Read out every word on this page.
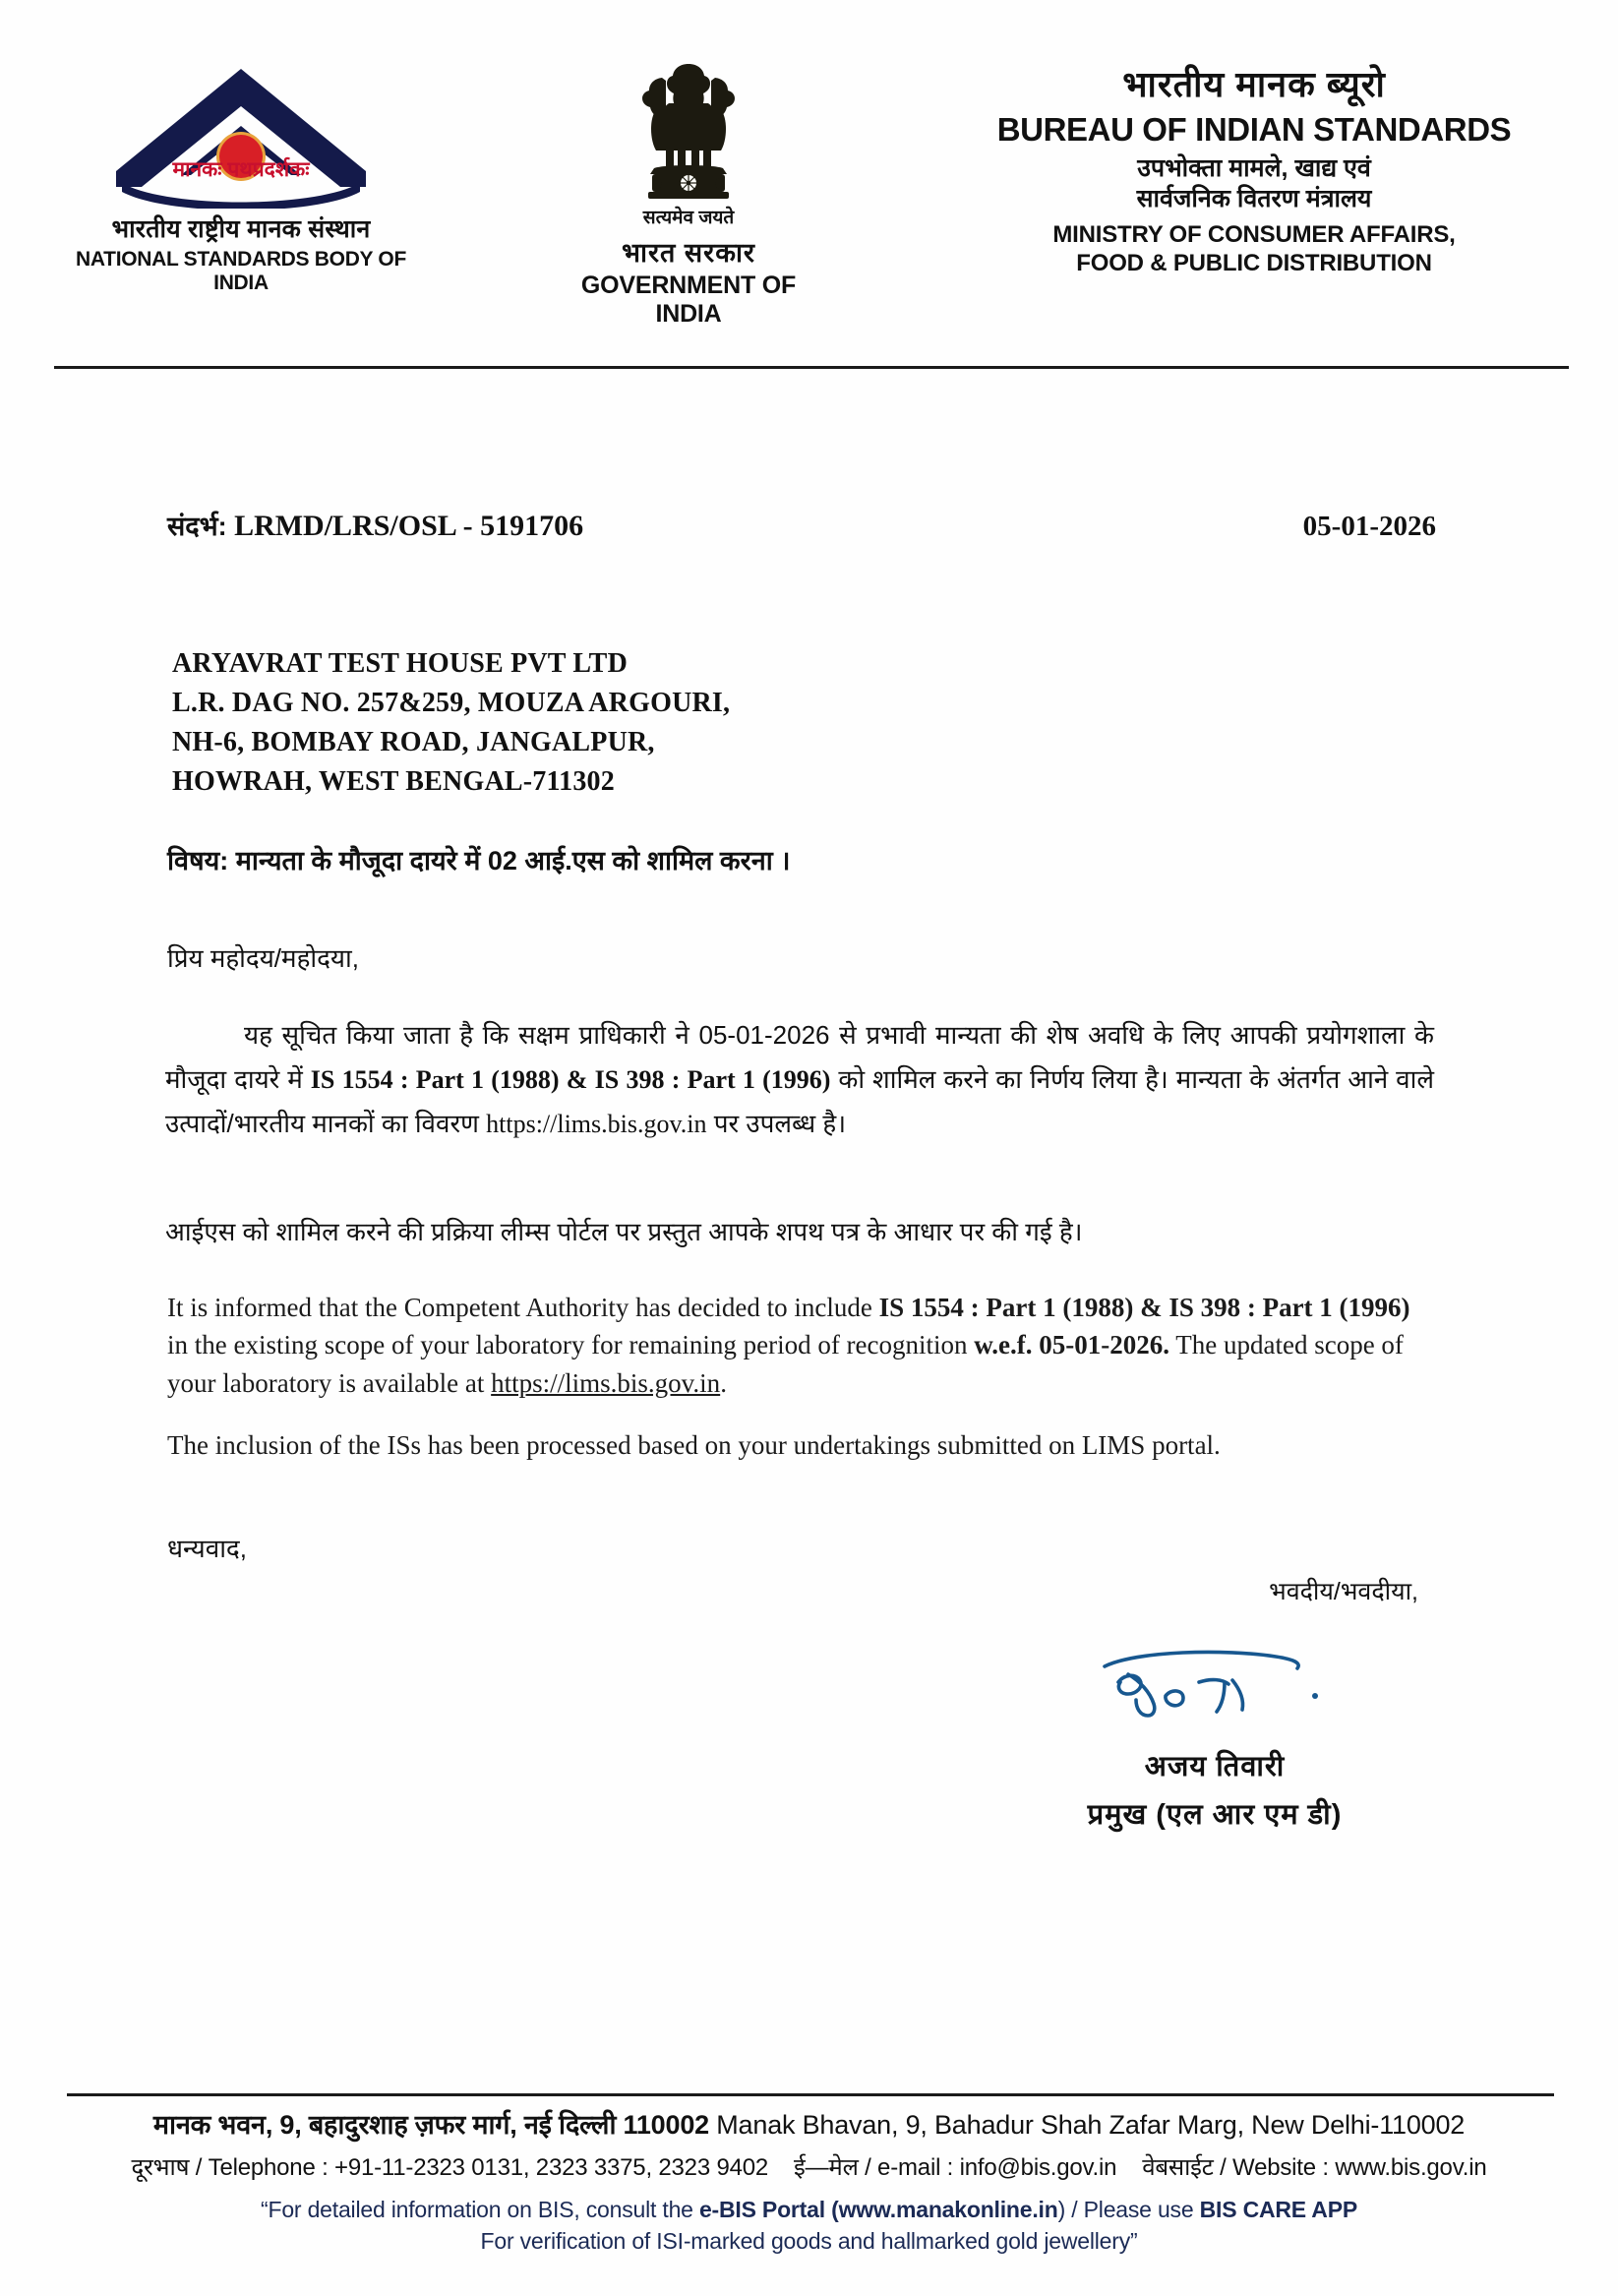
मानकः पथप्रदर्शकः
भारतीय राष्ट्रीय मानक संस्थान
NATIONAL STANDARDS BODY OF INDIA
सत्यमेव जयते
भारत सरकार
GOVERNMENT OF INDIA
भारतीय मानक ब्यूरो
BUREAU OF INDIAN STANDARDS
उपभोक्ता मामले, खाद्य एवं
सार्वजनिक वितरण मंत्रालय
MINISTRY OF CONSUMER AFFAIRS,
FOOD & PUBLIC DISTRIBUTION
संदर्भ: LRMD/LRS/OSL - 5191706	05-01-2026
ARYAVRAT TEST HOUSE PVT LTD
L.R. DAG NO. 257&259, MOUZA ARGOURI,
NH-6, BOMBAY ROAD, JANGALPUR,
HOWRAH, WEST BENGAL-711302
विषय: मान्यता के मौजूदा दायरे में 02 आई.एस को शामिल करना ।
प्रिय महोदय/महोदया,
यह सूचित किया जाता है कि सक्षम प्राधिकारी ने 05-01-2026 से प्रभावी मान्यता की शेष अवधि के लिए आपकी प्रयोगशाला के मौजूदा दायरे में IS 1554 : Part 1 (1988) & IS 398 : Part 1 (1996) को शामिल करने का निर्णय लिया है। मान्यता के अंतर्गत आने वाले उत्पादों/भारतीय मानकों का विवरण https://lims.bis.gov.in पर उपलब्ध है।
आईएस को शामिल करने की प्रक्रिया लीम्स पोर्टल पर प्रस्तुत आपके शपथ पत्र के आधार पर की गई है।
It is informed that the Competent Authority has decided to include IS 1554 : Part 1 (1988) & IS 398 : Part 1 (1996) in the existing scope of your laboratory for remaining period of recognition w.e.f. 05-01-2026. The updated scope of your laboratory is available at https://lims.bis.gov.in.
The inclusion of the ISs has been processed based on your undertakings submitted on LIMS portal.
धन्यवाद,
भवदीय/भवदीया,
अजय तिवारी
प्रमुख (एल आर एम डी)
मानक भवन, 9, बहादुरशाह ज़फर मार्ग, नई दिल्ली 110002 Manak Bhavan, 9, Bahadur Shah Zafar Marg, New Delhi-110002
दूरभाष / Telephone : +91-11-2323 0131, 2323 3375, 2323 9402 ई—मेल / e-mail : info@bis.gov.in वेबसाईट / Website : www.bis.gov.in
“For detailed information on BIS, consult the e-BIS Portal (www.manakonline.in) / Please use BIS CARE APP
For verification of ISI-marked goods and hallmarked gold jewellery”
